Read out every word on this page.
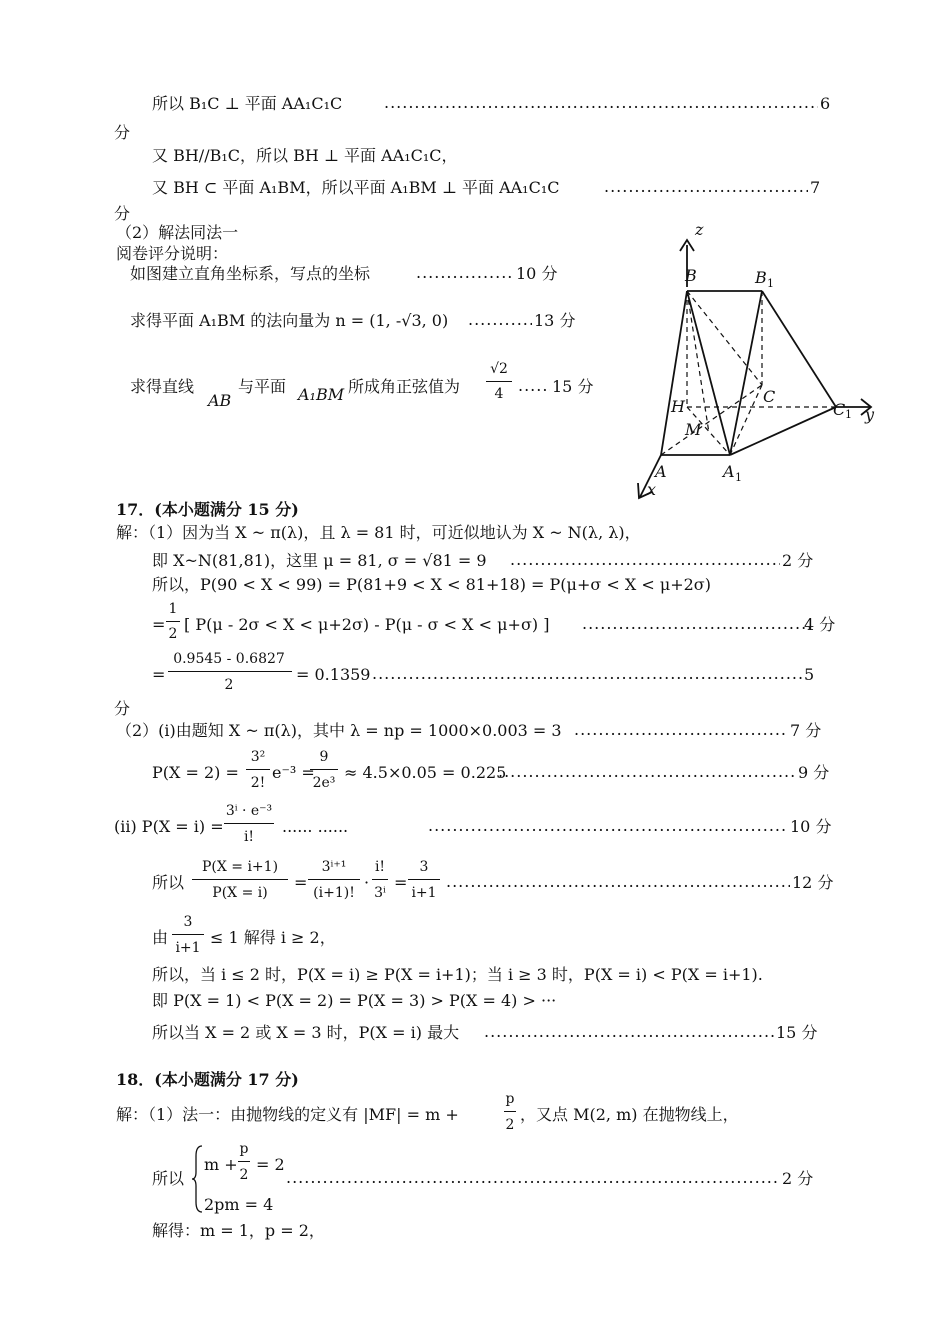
所以 B₁C ⊥ 平面 AA₁C₁C .....	6
分
又 BH//B₁C，所以 BH ⊥ 平面 AA₁C₁C，
又 BH ⊂ 平面 A₁BM，所以平面 A₁BM ⊥ 平面 AA₁C₁C .....	7
分
（2）解法同法一
阅卷评分说明：
如图建立直角坐标系，写点的坐标 .....	10 分
求得平面 A₁BM 的法向量为 n = (1, -√3, 0) .....	13 分
求得直线
AB
与平面 A₁BM 所成角正弦值为
√2
4 .....	15 分
z
y
x
B	B 1
C
C 1
H
M
A	A 1
17．(本小题满分 15 分)
解：（1）因为当 X ~ π(λ)，且 λ = 81 时，可近似地认为 X ~ N(λ, λ)，
即 X~N(81,81)，这里 μ = 81, σ = √81 = 9 .....	2 分
所以，P(90 < X < 99) = P(81+9 < X < 81+18) = P(μ+σ < X < μ+2σ)
=
1
2 [ P(μ - 2σ < X < μ+2σ) - P(μ - σ < X < μ+σ) ] .....	4 分
=
0.9545 - 0.6827
2
= 0.1359 .....	5
分
（2）(i)由题知 X ~ π(λ)，其中 λ = np = 1000×0.003 = 3 .....	7 分
P(X = 2) =
3²
2!
e⁻³ =
9
2e³
≈ 4.5×0.05 = 0.225 .....	9 分
(ii) P(X = i) =
3ⁱ · e⁻³
i!
...... ...... .....	10 分
所以
P(X = i+1)
P(X = i)
=
3ⁱ⁺¹
(i+1)!
·
i!
3ⁱ
=
3
i+1
.....
12 分
由
3
i+1
≤ 1 解得 i ≥ 2，
所以，当 i ≤ 2 时，P(X = i) ≥ P(X = i+1)；当 i ≥ 3 时，P(X = i) < P(X = i+1).
即 P(X = 1) < P(X = 2) = P(X = 3) > P(X = 4) > ···
所以当 X = 2 或 X = 3 时，P(X = i) 最大 .....	15 分
18．(本小题满分 17 分)
解：（1）法一：由抛物线的定义有 |MF| = m +
p
2
，又点 M(2, m) 在抛物线上，
所以
m +
p
2
= 2
2pm = 4
.....
2 分
解得：m = 1，p = 2，
